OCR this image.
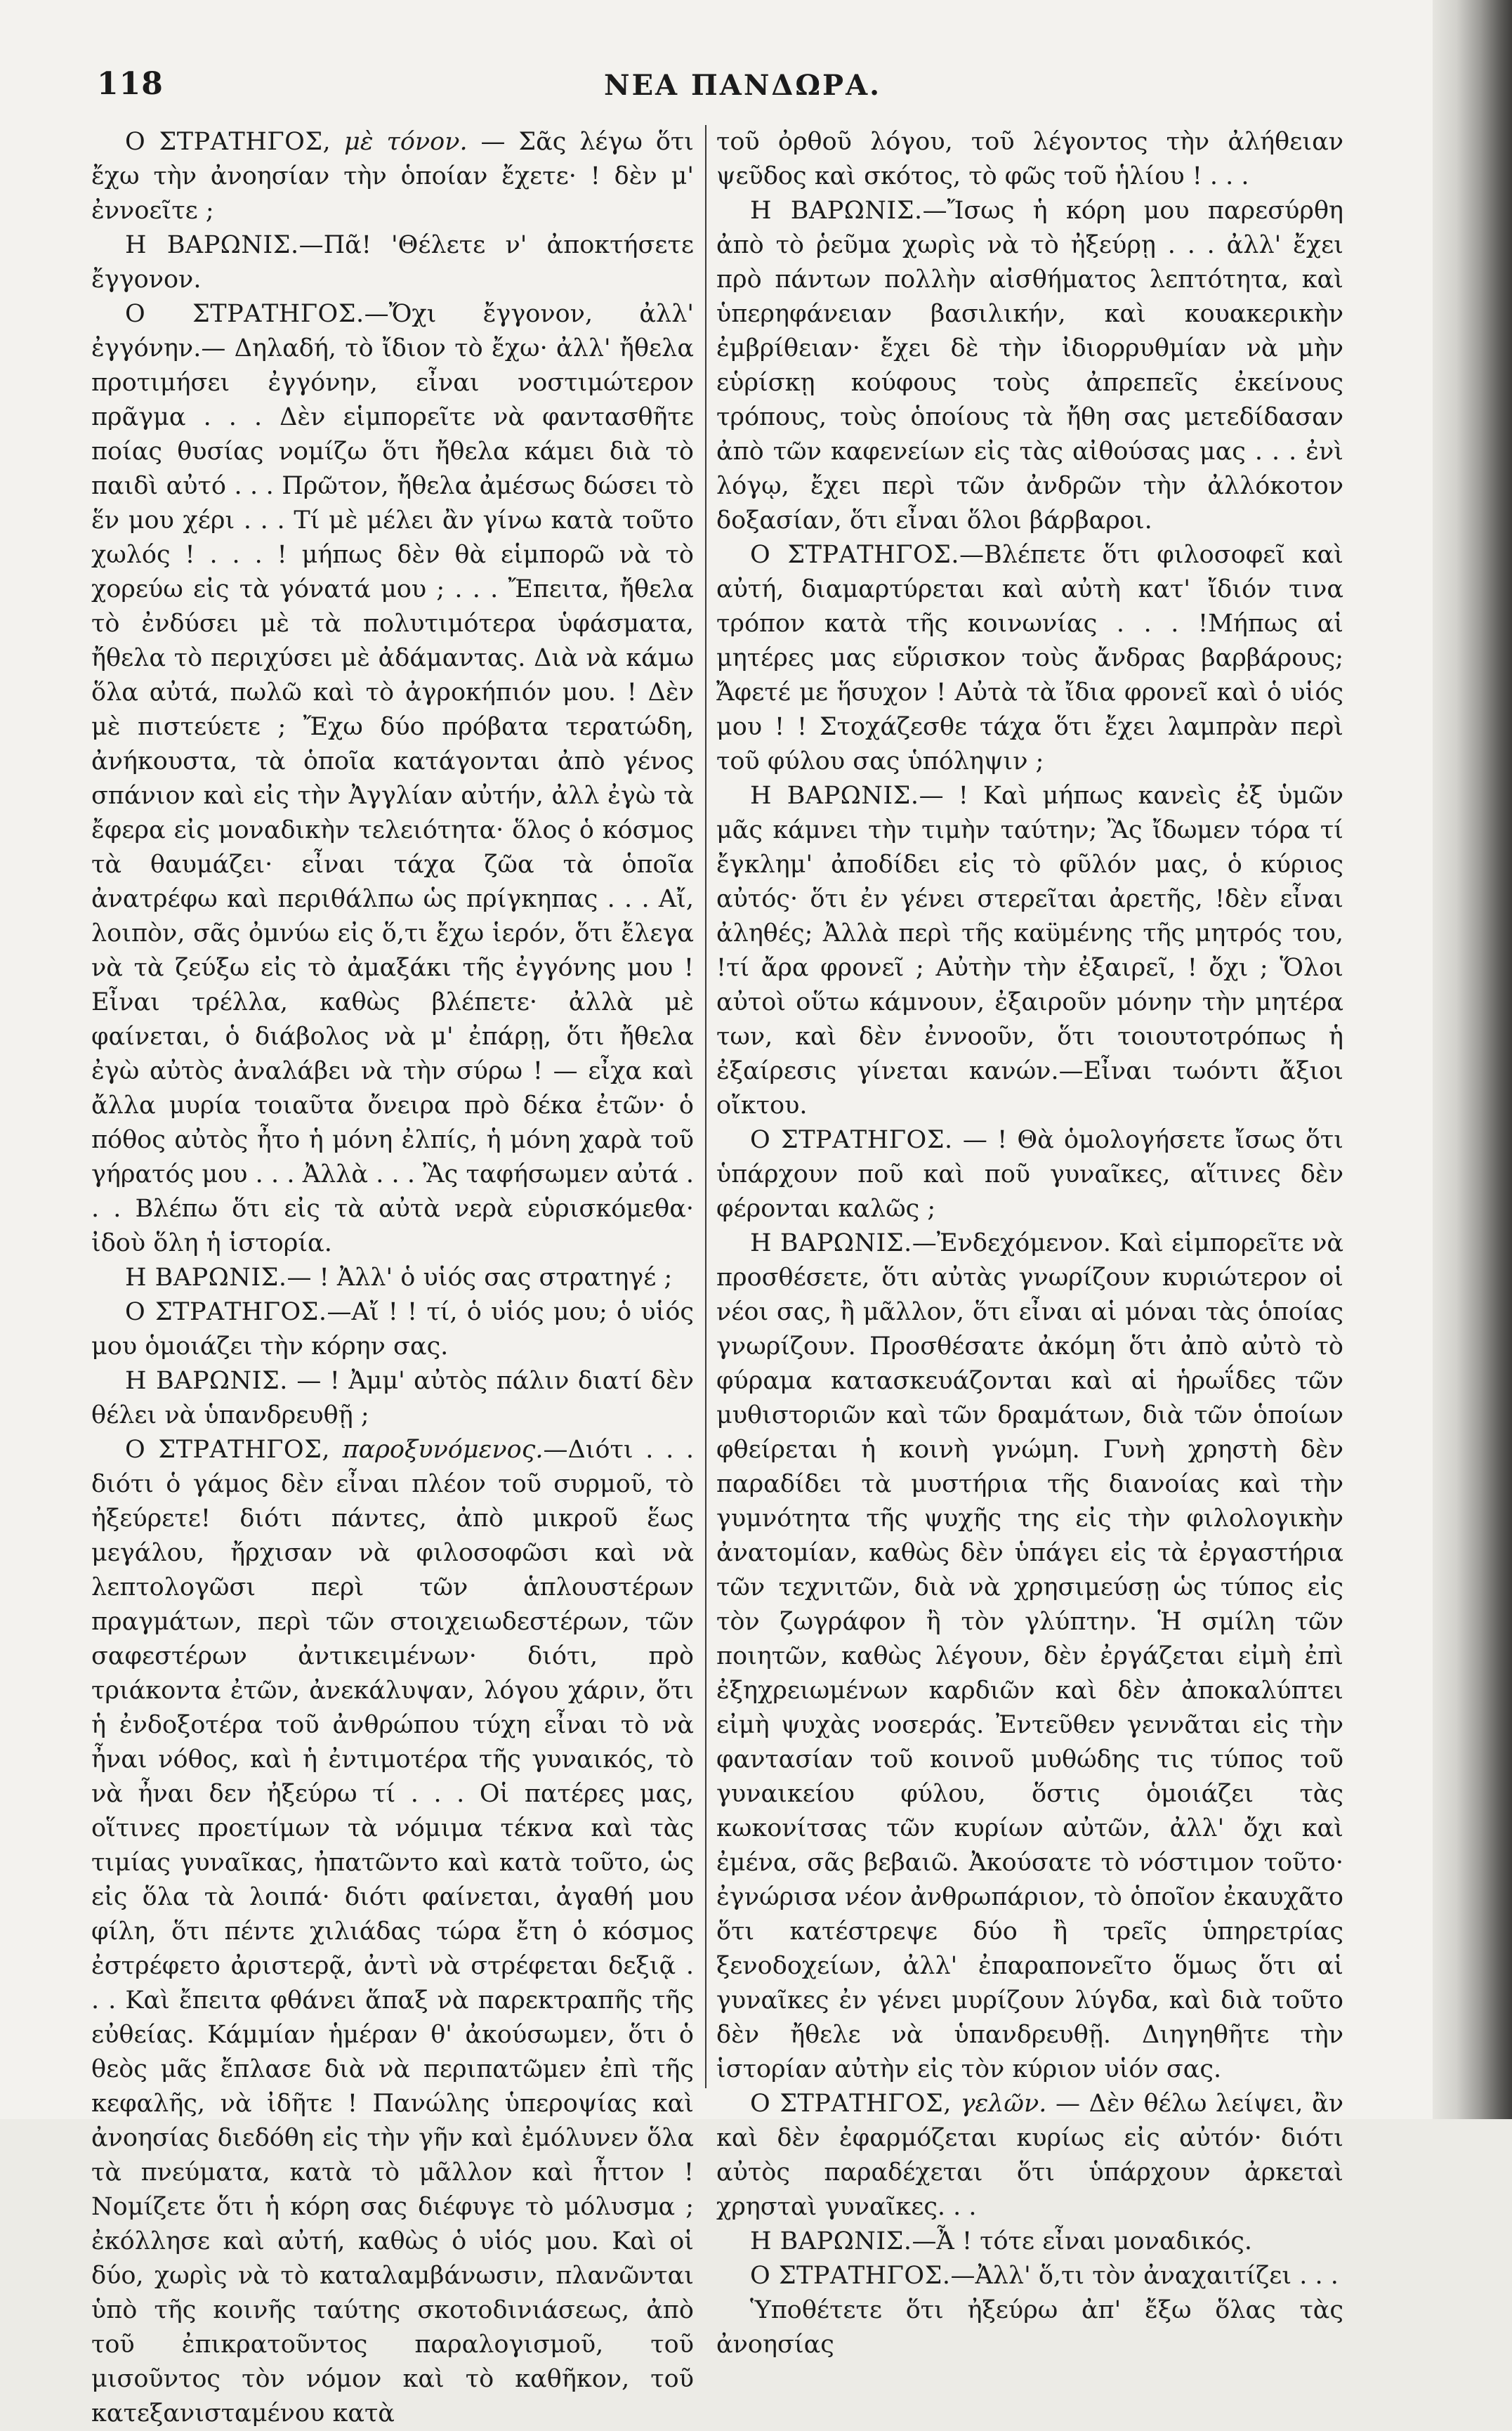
118	ΝΕΑ ΠΑΝΔΩΡΑ.

Ο ΣΤΡΑΤΗΓΟΣ, μὲ τόνον. — Σᾶς λέγω ὅτι ἔχω τὴν ἀνοησίαν τὴν ὁποίαν ἔχετε· ! δὲν μ' ἐννοεῖτε ;

Η ΒΑΡΩΝΙΣ.—Πᾶ! 'Θέλετε ν' ἀποκτήσετε ἔγγονον.

Ο ΣΤΡΑΤΗΓΟΣ.—Ὄχι ἔγγονον, ἀλλ' ἐγγόνην.— Δηλαδή, τὸ ἴδιον τὸ ἔχω· ἀλλ' ἤθελα προτιμήσει ἐγγόνην, εἶναι νοστιμώτερον πρᾶγμα . . . Δὲν εἱμπορεῖτε νὰ φαντασθῆτε ποίας θυσίας νομίζω ὅτι ἤθελα κάμει διὰ τὸ παιδὶ αὐτό . . . Πρῶτον, ἤθελα ἀμέσως δώσει τὸ ἕν μου χέρι . . . Τί μὲ μέλει ἂν γίνω κατὰ τοῦτο χωλός ! . . . ! μήπως δὲν θὰ εἱμπορῶ νὰ τὸ χορεύω εἰς τὰ γόνατά μου ; . . . Ἔπειτα, ἤθελα τὸ ἐνδύσει μὲ τὰ πολυτιμότερα ὑφάσματα, ἤθελα τὸ περιχύσει μὲ ἀδάμαντας. Διὰ νὰ κάμω ὅλα αὐτά, πωλῶ καὶ τὸ ἀγροκήπιόν μου. ! Δὲν μὲ πιστεύετε ; Ἔχω δύο πρόβατα τερατώδη, ἀνήκουστα, τὰ ὁποῖα κατάγονται ἀπὸ γένος σπάνιον καὶ εἰς τὴν Ἀγγλίαν αὐτήν, ἀλλ ἐγὼ τὰ ἔφερα εἰς μοναδικὴν τελειότητα· ὅλος ὁ κόσμος τὰ θαυμάζει· εἶναι τάχα ζῶα τὰ ὁποῖα ἀνατρέφω καὶ περιθάλπω ὡς πρίγκηπας . . . Αἴ, λοιπὸν, σᾶς ὀμνύω εἰς ὅ,τι ἔχω ἱερόν, ὅτι ἔλεγα νὰ τὰ ζεύξω εἰς τὸ ἀμαξάκι τῆς ἐγγόνης μου ! Εἶναι τρέλλα, καθὼς βλέπετε· ἀλλὰ μὲ φαίνεται, ὁ διάβολος νὰ μ' ἐπάρῃ, ὅτι ἤθελα ἐγὼ αὐτὸς ἀναλάβει νὰ τὴν σύρω ! — εἶχα καὶ ἄλλα μυρία τοιαῦτα ὄνειρα πρὸ δέκα ἐτῶν· ὁ πόθος αὐτὸς ἦτο ἡ μόνη ἐλπίς, ἡ μόνη χαρὰ τοῦ γήρατός μου . . . Ἀλλὰ . . . Ἂς ταφήσωμεν αὐτά . . . Βλέπω ὅτι εἰς τὰ αὐτὰ νερὰ εὑρισκόμεθα· ἰδοὺ ὅλη ἡ ἱστορία.

Η ΒΑΡΩΝΙΣ.— ! Ἀλλ' ὁ υἱός σας στρατηγέ ;

Ο ΣΤΡΑΤΗΓΟΣ.—Αἴ ! ! τί, ὁ υἱός μου; ὁ υἱός μου ὁμοιάζει τὴν κόρην σας.

Η ΒΑΡΩΝΙΣ. — ! Ἀμμ' αὐτὸς πάλιν διατί δὲν θέλει νὰ ὑπανδρευθῇ ;

Ο ΣΤΡΑΤΗΓΟΣ, παροξυνόμενος.—Διότι . . . διότι ὁ γάμος δὲν εἶναι πλέον τοῦ συρμοῦ, τὸ ἠξεύρετε! διότι πάντες, ἀπὸ μικροῦ ἕως μεγάλου, ἤρχισαν νὰ φιλοσοφῶσι καὶ νὰ λεπτολογῶσι περὶ τῶν ἁπλουστέρων πραγμάτων, περὶ τῶν στοιχειωδεστέρων, τῶν σαφεστέρων ἀντικειμένων· διότι, πρὸ τριάκοντα ἐτῶν, ἀνεκάλυψαν, λόγου χάριν, ὅτι ἡ ἐνδοξοτέρα τοῦ ἀνθρώπου τύχη εἶναι τὸ νὰ ἦναι νόθος, καὶ ἡ ἐντιμοτέρα τῆς γυναικός, τὸ νὰ ἦναι δεν ἠξεύρω τί . . . Οἱ πατέρες μας, οἵτινες προετίμων τὰ νόμιμα τέκνα καὶ τὰς τιμίας γυναῖκας, ἠπατῶντο καὶ κατὰ τοῦτο, ὡς εἰς ὅλα τὰ λοιπά· διότι φαίνεται, ἀγαθή μου φίλη, ὅτι πέντε χιλιάδας τώρα ἔτη ὁ κόσμος ἐστρέφετο ἀριστερᾷ, ἀντὶ νὰ στρέφεται δεξιᾷ . . . Καὶ ἔπειτα φθάνει ἅπαξ νὰ παρεκτραπῆς τῆς εὐθείας. Κάμμίαν ἡμέραν θ' ἀκούσωμεν, ὅτι ὁ θεὸς μᾶς ἔπλασε διὰ νὰ περιπατῶμεν ἐπὶ τῆς κεφαλῆς, νὰ ἰδῆτε ! Πανώλης ὑπεροψίας καὶ ἀνοησίας διεδόθη εἰς τὴν γῆν καὶ ἐμόλυνεν ὅλα τὰ πνεύματα, κατὰ τὸ μᾶλλον καὶ ἧττον ! Νομίζετε ὅτι ἡ κόρη σας διέφυγε τὸ μόλυσμα ; ἐκόλλησε καὶ αὐτή, καθὼς ὁ υἱός μου. Καὶ οἱ δύο, χωρὶς νὰ τὸ καταλαμβάνωσιν, πλανῶνται ὑπὸ τῆς κοινῆς ταύτης σκοτοδινιάσεως, ἀπὸ τοῦ ἐπικρατοῦντος παραλογισμοῦ, τοῦ μισοῦντος τὸν νόμον καὶ τὸ καθῆκον, τοῦ κατεξανισταμένου κατὰ

τοῦ ὀρθοῦ λόγου, τοῦ λέγοντος τὴν ἀλήθειαν ψεῦδος καὶ σκότος, τὸ φῶς τοῦ ἡλίου ! . . .

Η ΒΑΡΩΝΙΣ.—Ἴσως ἡ κόρη μου παρεσύρθη ἀπὸ τὸ ῥεῦμα χωρὶς νὰ τὸ ἠξεύρῃ . . . ἀλλ' ἔχει πρὸ πάντων πολλὴν αἰσθήματος λεπτότητα, καὶ ὑπερηφάνειαν βασιλικήν, καὶ κουακερικὴν ἐμβρίθειαν· ἔχει δὲ τὴν ἰδιορρυθμίαν νὰ μὴν εὑρίσκῃ κούφους τοὺς ἀπρεπεῖς ἐκείνους τρόπους, τοὺς ὁποίους τὰ ἤθη σας μετεδίδασαν ἀπὸ τῶν καφενείων εἰς τὰς αἰθούσας μας . . . ἐνὶ λόγῳ, ἔχει περὶ τῶν ἀνδρῶν τὴν ἀλλόκοτον δοξασίαν, ὅτι εἶναι ὅλοι βάρβαροι.

Ο ΣΤΡΑΤΗΓΟΣ.—Βλέπετε ὅτι φιλοσοφεῖ καὶ αὐτή, διαμαρτύρεται καὶ αὐτὴ κατ' ἴδιόν τινα τρόπον κατὰ τῆς κοινωνίας . . . !Μήπως αἱ μητέρες μας εὕρισκον τοὺς ἄνδρας βαρβάρους; Ἄφετέ με ἥσυχον ! Αὐτὰ τὰ ἴδια φρονεῖ καὶ ὁ υἱός μου ! ! Στοχάζεσθε τάχα ὅτι ἔχει λαμπρὰν περὶ τοῦ φύλου σας ὑπόληψιν ;

Η ΒΑΡΩΝΙΣ.— ! Καὶ μήπως κανεὶς ἐξ ὑμῶν μᾶς κάμνει τὴν τιμὴν ταύτην; Ἂς ἴδωμεν τόρα τί ἔγκλημ' ἀποδίδει εἰς τὸ φῦλόν μας, ὁ κύριος αὐτός· ὅτι ἐν γένει στερεῖται ἀρετῆς, !δὲν εἶναι ἀληθές; Ἀλλὰ περὶ τῆς καϋμένης τῆς μητρός του, !τί ἄρα φρονεῖ ; Αὐτὴν τὴν ἐξαιρεῖ, ! ὄχι ; Ὅλοι αὐτοὶ οὕτω κάμνουν, ἐξαιροῦν μόνην τὴν μητέρα των, καὶ δὲν ἐννοοῦν, ὅτι τοιουτοτρόπως ἡ ἐξαίρεσις γίνεται κανών.—Εἶναι τωόντι ἄξιοι οἴκτου.

Ο ΣΤΡΑΤΗΓΟΣ. — ! Θὰ ὁμολογήσετε ἴσως ὅτι ὑπάρχουν ποῦ καὶ ποῦ γυναῖκες, αἵτινες δὲν φέρονται καλῶς ;

Η ΒΑΡΩΝΙΣ.—Ἐνδεχόμενον. Καὶ εἱμπορεῖτε νὰ προσθέσετε, ὅτι αὐτὰς γνωρίζουν κυριώτερον οἱ νέοι σας, ἢ μᾶλλον, ὅτι εἶναι αἱ μόναι τὰς ὁποίας γνωρίζουν. Προσθέσατε ἀκόμη ὅτι ἀπὸ αὐτὸ τὸ φύραμα κατασκευάζονται καὶ αἱ ἡρωΐδες τῶν μυθιστοριῶν καὶ τῶν δραμάτων, διὰ τῶν ὁποίων φθείρεται ἡ κοινὴ γνώμη. Γυνὴ χρηστὴ δὲν παραδίδει τὰ μυστήρια τῆς διανοίας καὶ τὴν γυμνότητα τῆς ψυχῆς της εἰς τὴν φιλολογικὴν ἀνατομίαν, καθὼς δὲν ὑπάγει εἰς τὰ ἐργαστήρια τῶν τεχνιτῶν, διὰ νὰ χρησιμεύσῃ ὡς τύπος εἰς τὸν ζωγράφον ἢ τὸν γλύπτην. Ἡ σμίλη τῶν ποιητῶν, καθὼς λέγουν, δὲν ἐργάζεται εἰμὴ ἐπὶ ἐξηχρειωμένων καρδιῶν καὶ δὲν ἀποκαλύπτει εἰμὴ ψυχὰς νοσεράς. Ἐντεῦθεν γεννᾶται εἰς τὴν φαντασίαν τοῦ κοινοῦ μυθώδης τις τύπος τοῦ γυναικείου φύλου, ὅστις ὁμοιάζει τὰς κωκονίτσας τῶν κυρίων αὐτῶν, ἀλλ' ὄχι καὶ ἐμένα, σᾶς βεβαιῶ. Ἀκούσατε τὸ νόστιμον τοῦτο· ἐγνώρισα νέον ἀνθρωπάριον, τὸ ὁποῖον ἐκαυχᾶτο ὅτι κατέστρεψε δύο ἢ τρεῖς ὑπηρετρίας ξενοδοχείων, ἀλλ' ἐπαραπονεῖτο ὅμως ὅτι αἱ γυναῖκες ἐν γένει μυρίζουν λύγδα, καὶ διὰ τοῦτο δὲν ἤθελε νὰ ὑπανδρευθῇ. Διηγηθῆτε τὴν ἱστορίαν αὐτὴν εἰς τὸν κύριον υἱόν σας.

Ο ΣΤΡΑΤΗΓΟΣ, γελῶν. — Δὲν θέλω λείψει, ἂν καὶ δὲν ἐφαρμόζεται κυρίως εἰς αὐτόν· διότι αὐτὸς παραδέχεται ὅτι ὑπάρχουν ἀρκεταὶ χρησταὶ γυναῖκες. . .

Η ΒΑΡΩΝΙΣ.—Ἆ ! τότε εἶναι μοναδικός.

Ο ΣΤΡΑΤΗΓΟΣ.—Ἀλλ' ὅ,τι τὸν ἀναχαιτίζει . . .

Ὑποθέτετε ὅτι ἠξεύρω ἀπ' ἔξω ὅλας τὰς ἀνοησίας
